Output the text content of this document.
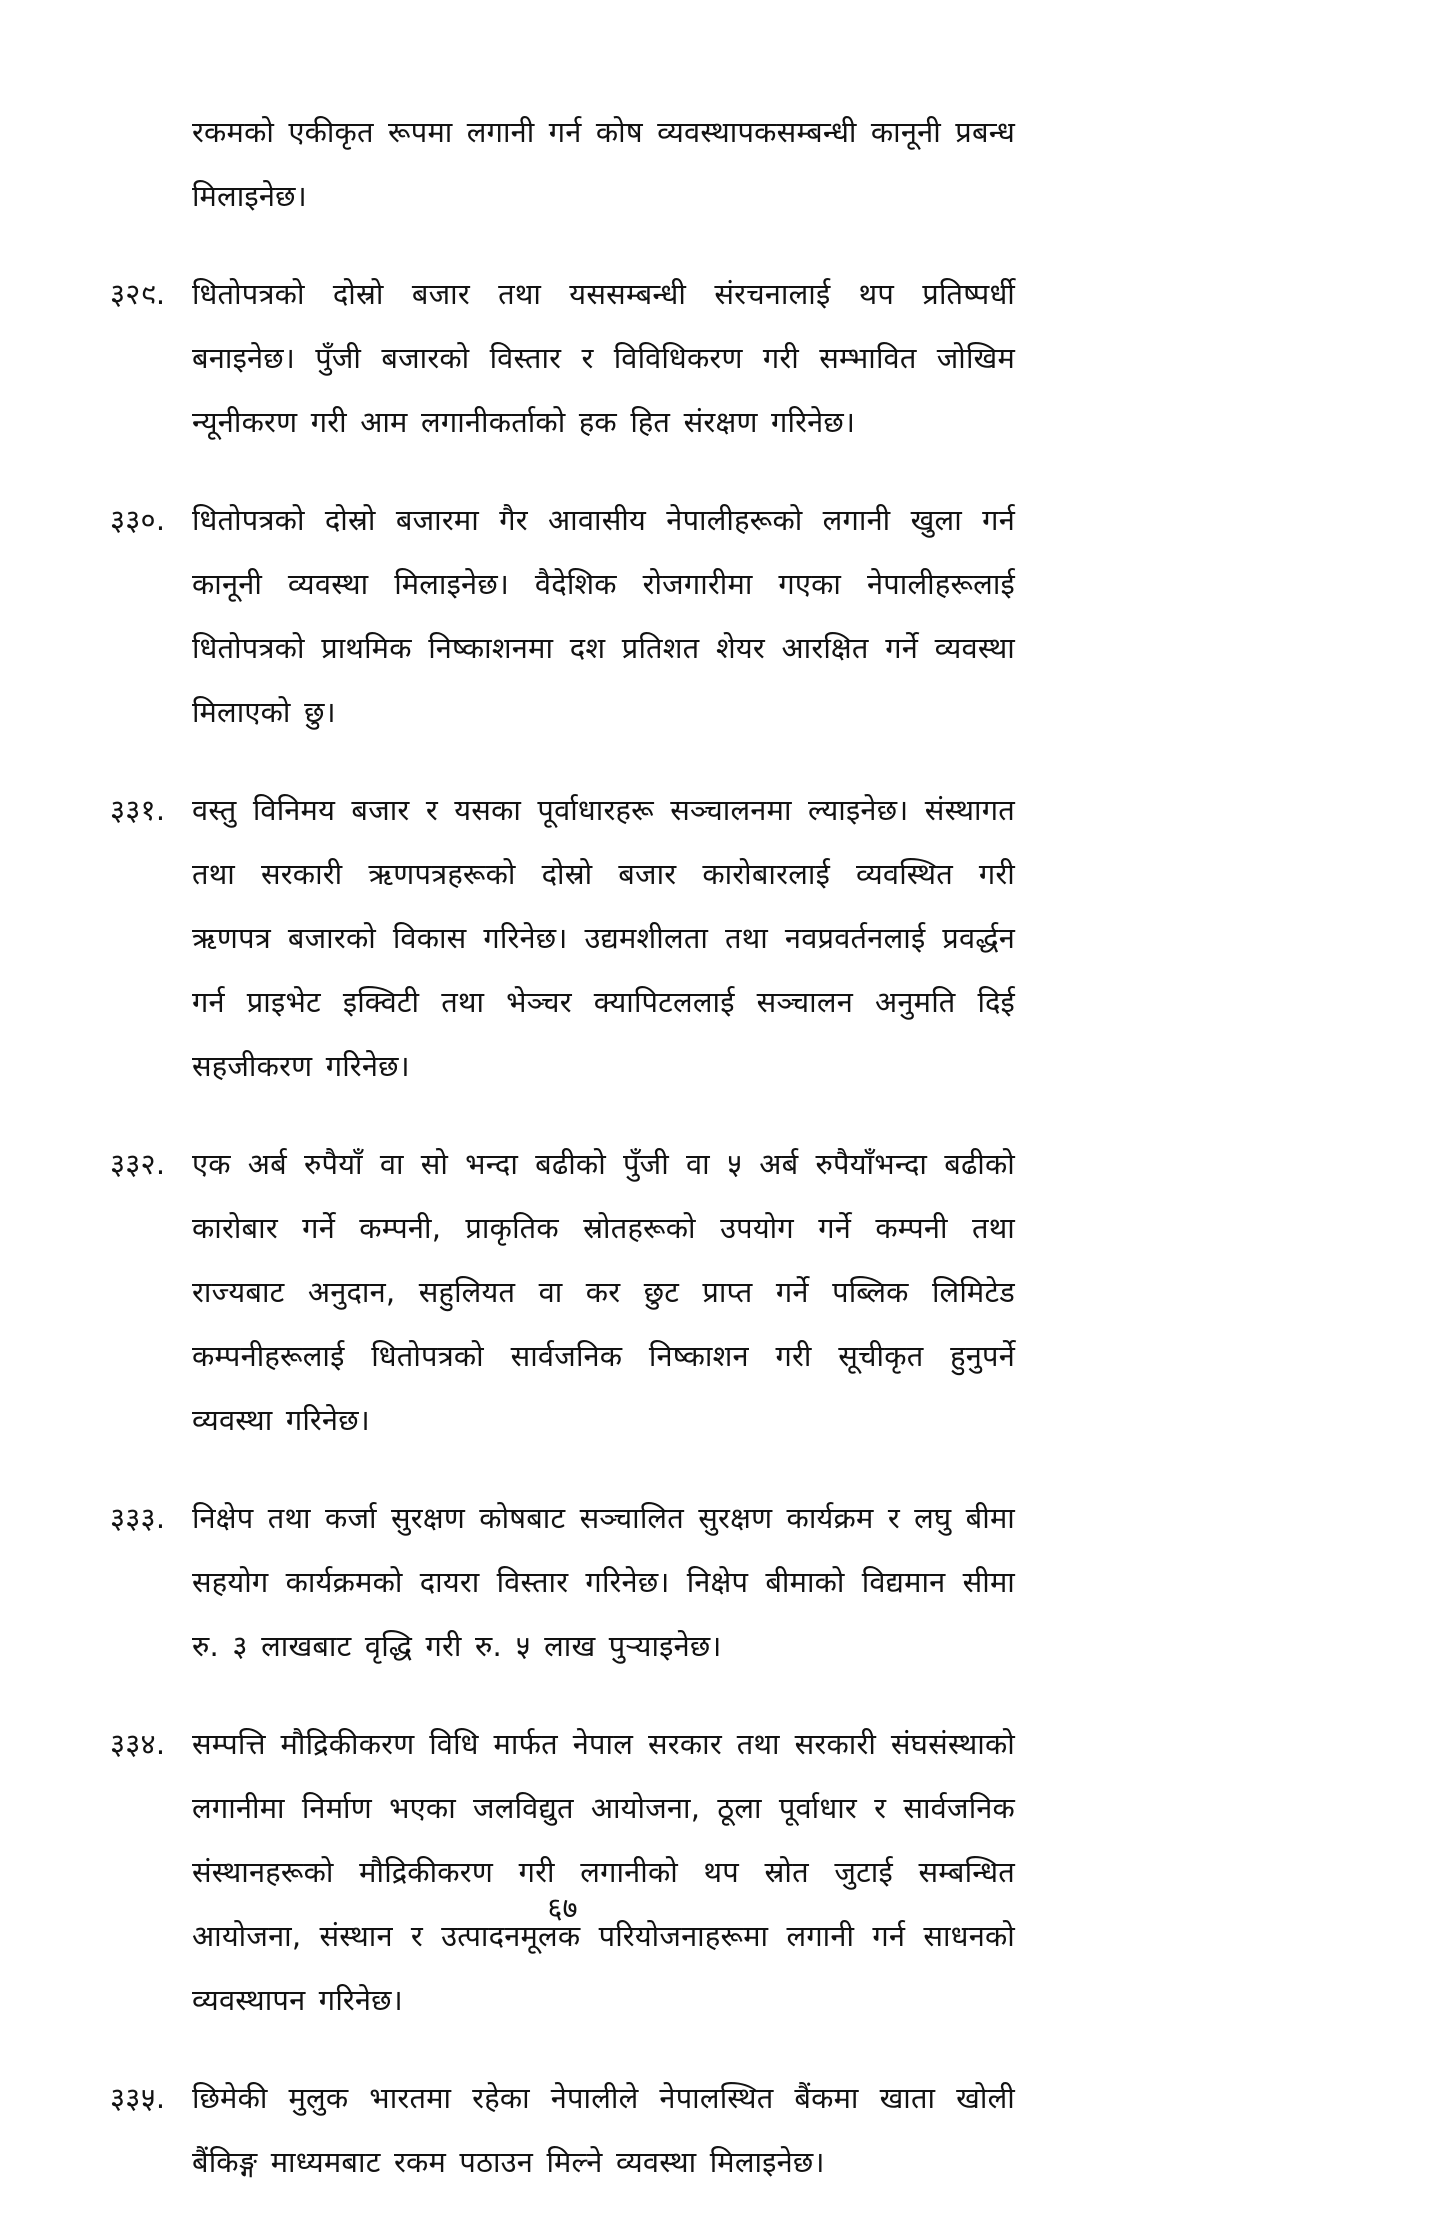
रकमको एकीकृत रूपमा लगानी गर्न कोष व्यवस्थापकसम्बन्धी कानूनी प्रबन्ध मिलाइनेछ।
३२९. धितोपत्रको दोस्रो बजार तथा यससम्बन्धी संरचनालाई थप प्रतिष्पर्धी बनाइनेछ। पुँजी बजारको विस्तार र विविधिकरण गरी सम्भावित जोखिम न्यूनीकरण गरी आम लगानीकर्ताको हक हित संरक्षण गरिनेछ।
३३०. धितोपत्रको दोस्रो बजारमा गैर आवासीय नेपालीहरूको लगानी खुला गर्न कानूनी व्यवस्था मिलाइनेछ। वैदेशिक रोजगारीमा गएका नेपालीहरूलाई धितोपत्रको प्राथमिक निष्काशनमा दश प्रतिशत शेयर आरक्षित गर्ने व्यवस्था मिलाएको छु।
३३१. वस्तु विनिमय बजार र यसका पूर्वाधारहरू सञ्चालनमा ल्याइनेछ। संस्थागत तथा सरकारी ऋणपत्रहरूको दोस्रो बजार कारोबारलाई व्यवस्थित गरी ऋणपत्र बजारको विकास गरिनेछ। उद्यमशीलता तथा नवप्रवर्तनलाई प्रवर्द्धन गर्न प्राइभेट इक्विटी तथा भेञ्चर क्यापिटललाई सञ्चालन अनुमति दिई सहजीकरण गरिनेछ।
३३२. एक अर्ब रुपैयाँ वा सो भन्दा बढीको पुँजी वा ५ अर्ब रुपैयाँभन्दा बढीको कारोबार गर्ने कम्पनी, प्राकृतिक स्रोतहरूको उपयोग गर्ने कम्पनी तथा राज्यबाट अनुदान, सहुलियत वा कर छुट प्राप्त गर्ने पब्लिक लिमिटेड कम्पनीहरूलाई धितोपत्रको सार्वजनिक निष्काशन गरी सूचीकृत हुनुपर्ने व्यवस्था गरिनेछ।
३३३. निक्षेप तथा कर्जा सुरक्षण कोषबाट सञ्चालित सुरक्षण कार्यक्रम र लघु बीमा सहयोग कार्यक्रमको दायरा विस्तार गरिनेछ। निक्षेप बीमाको विद्यमान सीमा रु. ३ लाखबाट वृद्धि गरी रु. ५ लाख पुर्‍याइनेछ।
३३४. सम्पत्ति मौद्रिकीकरण विधि मार्फत नेपाल सरकार तथा सरकारी संघसंस्थाको लगानीमा निर्माण भएका जलविद्युत आयोजना, ठूला पूर्वाधार र सार्वजनिक संस्थानहरूको मौद्रिकीकरण गरी लगानीको थप स्रोत जुटाई सम्बन्धित आयोजना, संस्थान र उत्पादनमूलक परियोजनाहरूमा लगानी गर्न साधनको व्यवस्थापन गरिनेछ।
३३५. छिमेकी मुलुक भारतमा रहेका नेपालीले नेपालस्थित बैंकमा खाता खोली बैंकिङ्ग माध्यमबाट रकम पठाउन मिल्ने व्यवस्था मिलाइनेछ।
६७
